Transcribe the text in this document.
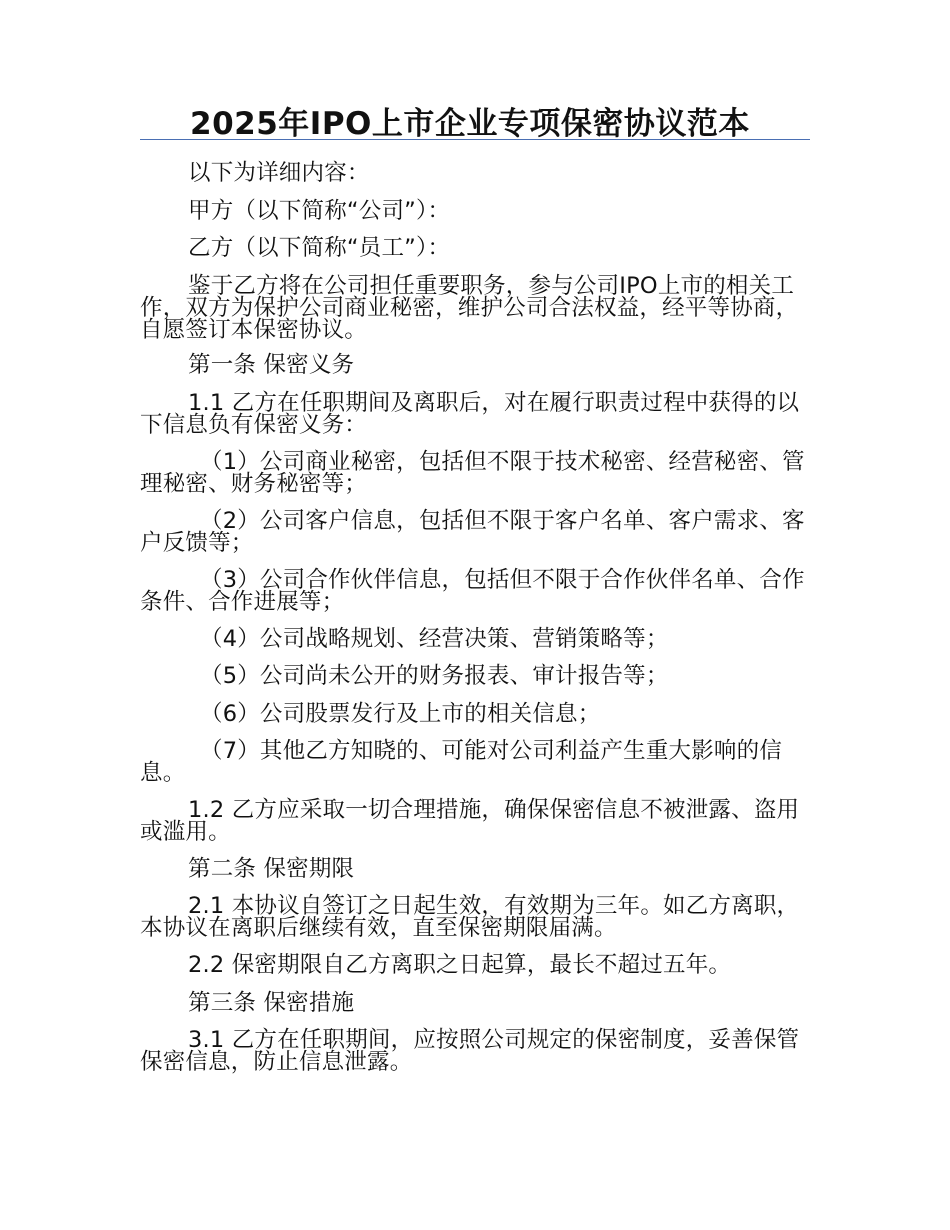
2025年IPO上市企业专项保密协议范本

以下为详细内容：

甲方（以下简称“公司”）：

乙方（以下简称“员工”）：

鉴于乙方将在公司担任重要职务，参与公司IPO上市的相关工作，双方为保护公司商业秘密，维护公司合法权益，经平等协商，自愿签订本保密协议。

第一条 保密义务

1.1 乙方在任职期间及离职后，对在履行职责过程中获得的以下信息负有保密义务：

（1）公司商业秘密，包括但不限于技术秘密、经营秘密、管理秘密、财务秘密等；

（2）公司客户信息，包括但不限于客户名单、客户需求、客户反馈等；

（3）公司合作伙伴信息，包括但不限于合作伙伴名单、合作条件、合作进展等；

（4）公司战略规划、经营决策、营销策略等；

（5）公司尚未公开的财务报表、审计报告等；

（6）公司股票发行及上市的相关信息；

（7）其他乙方知晓的、可能对公司利益产生重大影响的信息。

1.2 乙方应采取一切合理措施，确保保密信息不被泄露、盗用或滥用。

第二条 保密期限

2.1 本协议自签订之日起生效，有效期为三年。如乙方离职，本协议在离职后继续有效，直至保密期限届满。

2.2 保密期限自乙方离职之日起算，最长不超过五年。

第三条 保密措施

3.1 乙方在任职期间，应按照公司规定的保密制度，妥善保管保密信息，防止信息泄露。
